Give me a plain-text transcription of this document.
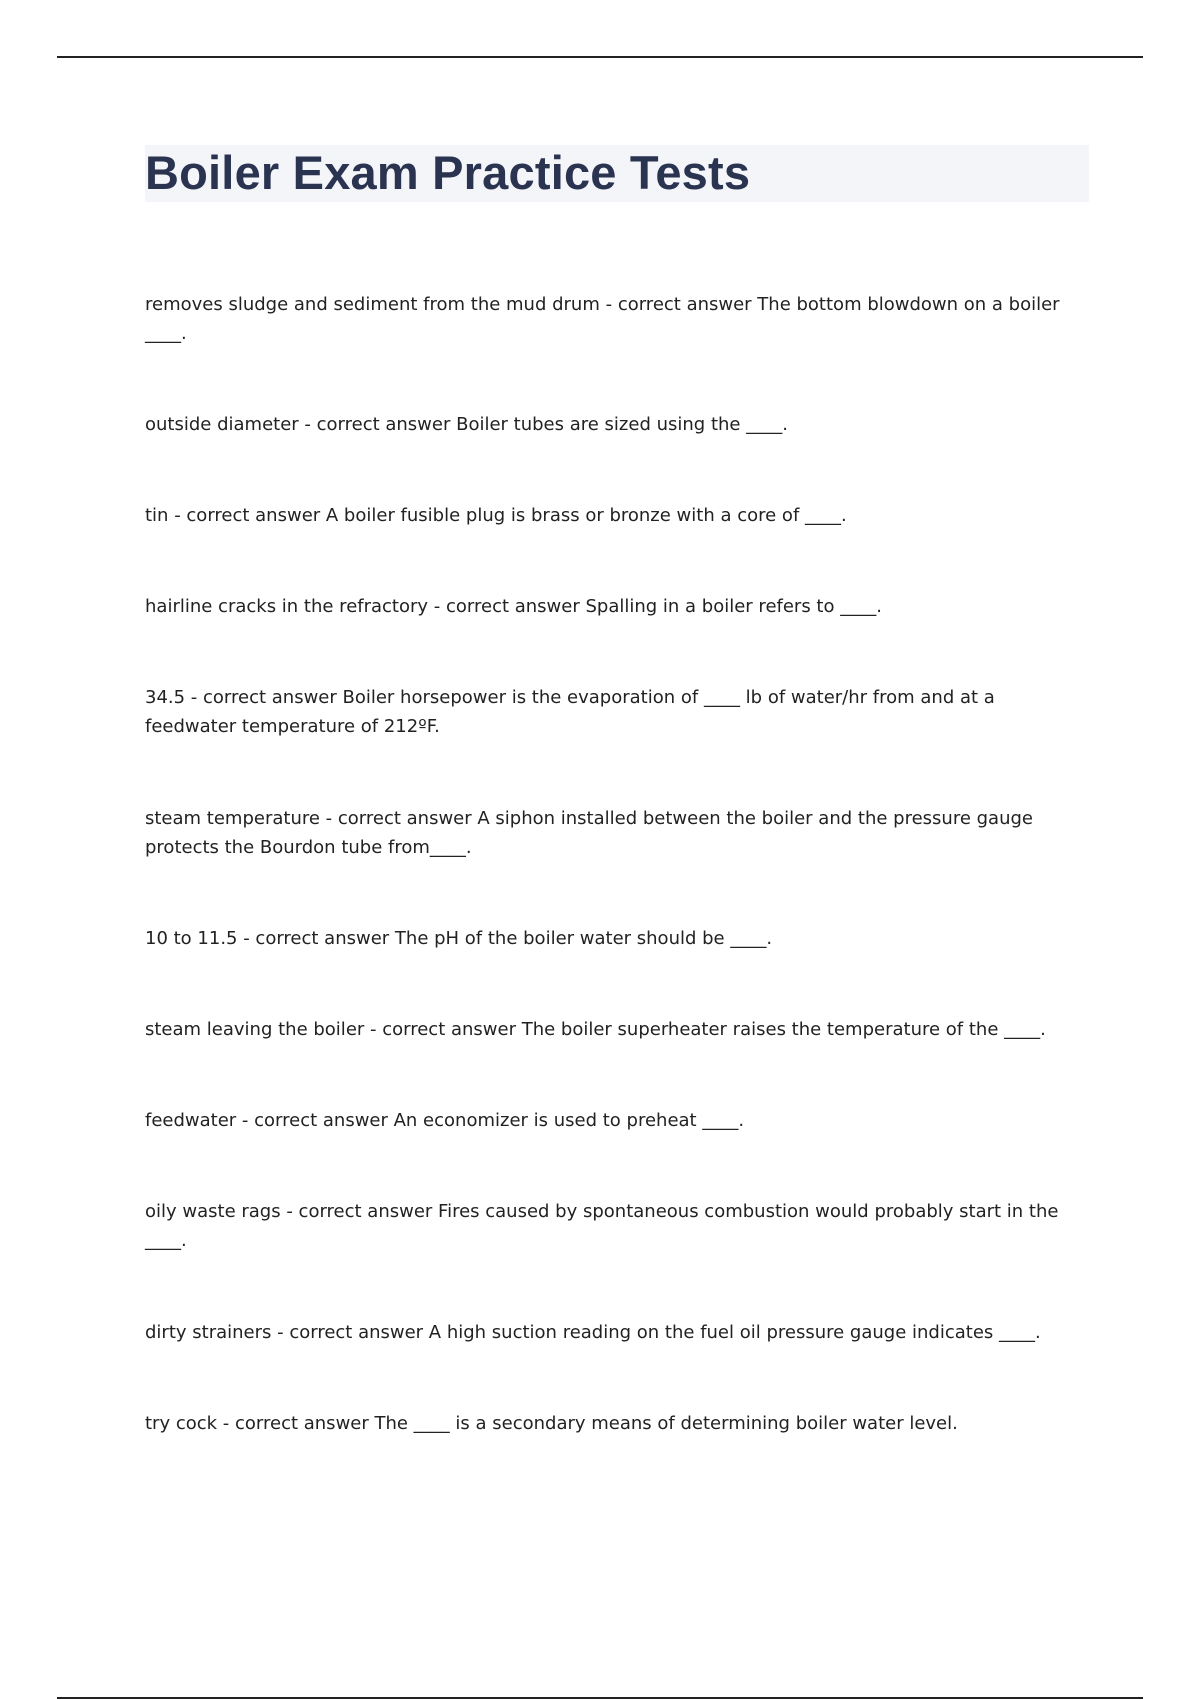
Boiler Exam Practice Tests

removes sludge and sediment from the mud drum - correct answer The bottom blowdown on a boiler ____.

outside diameter - correct answer Boiler tubes are sized using the ____.

tin - correct answer A boiler fusible plug is brass or bronze with a core of ____.

hairline cracks in the refractory - correct answer Spalling in a boiler refers to ____.

34.5 - correct answer Boiler horsepower is the evaporation of ____ lb of water/hr from and at a feedwater temperature of 212ºF.

steam temperature - correct answer A siphon installed between the boiler and the pressure gauge protects the Bourdon tube from____.

10 to 11.5 - correct answer The pH of the boiler water should be ____.

steam leaving the boiler - correct answer The boiler superheater raises the temperature of the ____.

feedwater - correct answer An economizer is used to preheat ____.

oily waste rags - correct answer Fires caused by spontaneous combustion would probably start in the ____.

dirty strainers - correct answer A high suction reading on the fuel oil pressure gauge indicates ____.

try cock - correct answer The ____ is a secondary means of determining boiler water level.
